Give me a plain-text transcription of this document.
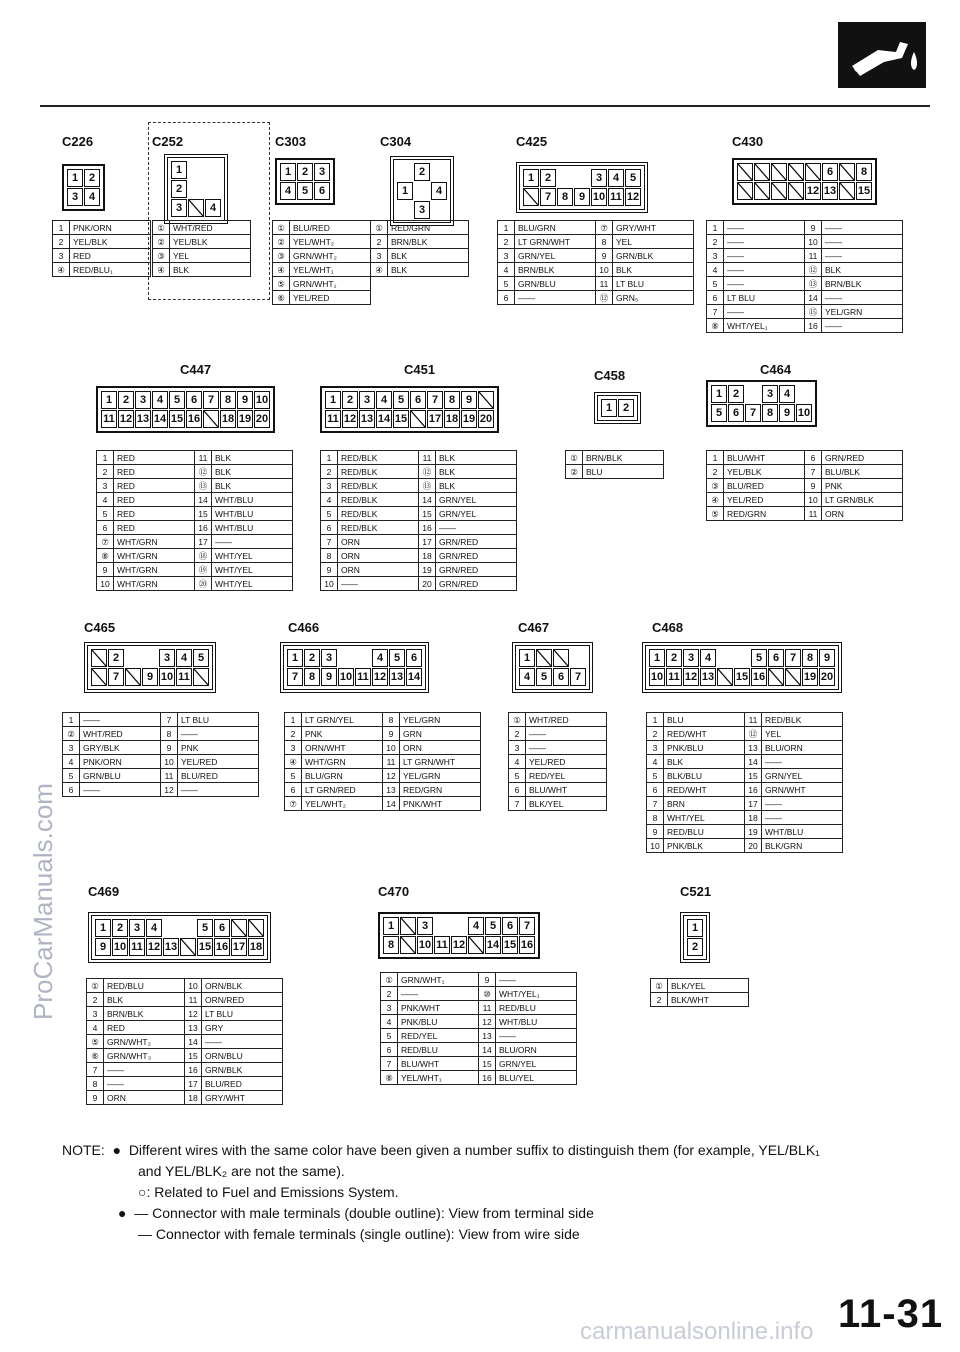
ProCarManuals.com
C226
1 2
3 4
1	PNK/ORN
2	YEL/BLK
3	RED
④	RED/BLU₁
C252
1
2
3	4
①	WHT/RED
②	YEL/BLK
③	YEL
④	BLK
C303
1 2 3
4 5 6
①	BLU/RED
②	YEL/WHT₂
③	GRN/WHT₂
④	YEL/WHT₁
⑤	GRN/WHT₁
⑥	YEL/RED
C304
2
1	4
3
①	RED/GRN
2	BRN/BLK
3	BLK
④	BLK
C425
1 2	3 4 5
7 8 9 10 11 12
1	BLU/GRN	⑦	GRY/WHT
2	LT GRN/WHT	8	YEL
3	GRN/YEL	9	GRN/BLK
4	BRN/BLK	10	BLK
5	GRN/BLU	11	LT BLU
6	——	⑫	GRN₅
C430
6	8
12 13 15
1	——	9	——
2	——	10	——
3	——	11	——
4	——	⑫	BLK
5	——	⑬	BRN/BLK
6	LT BLU	14	——
7	——	⑮	YEL/GRN
⑧	WHT/YEL₁	16	——
C447
1 2 3 4 5 6 7 8 9 10
11 12 13 14 15 16 18 19 20
1	RED	11	BLK
2	RED	⑫	BLK
3	RED	⑬	BLK
4	RED	14	WHT/BLU
5	RED	15	WHT/BLU
6	RED	16	WHT/BLU
⑦	WHT/GRN	17	——
⑧	WHT/GRN	⑱	WHT/YEL
9	WHT/GRN	⑲	WHT/YEL
10	WHT/GRN	⑳	WHT/YEL
C451
1 2 3 4 5 6 7 8 9
11 12 13 14 15 17 18 19 20
1	RED/BLK	11	BLK
2	RED/BLK	⑫	BLK
3	RED/BLK	⑬	BLK
4	RED/BLK	14	GRN/YEL
5	RED/BLK	15	GRN/YEL
6	RED/BLK	16	——
7	ORN	17	GRN/RED
8	ORN	18	GRN/RED
9	ORN	19	GRN/RED
10	——	20	GRN/RED
C458
1 2
①	BRN/BLK
②	BLU
C464
1 2	3 4
5 6 7 8 9 10
1	BLU/WHT	6	GRN/RED
2	YEL/BLK	7	BLU/BLK
③	BLU/RED	9	PNK
④	YEL/RED	10	LT GRN/BLK
⑤	RED/GRN	11	ORN
C465
2	3 4 5
7	9 10 11
1	——	7	LT BLU
②	WHT/RED	8	——
3	GRY/BLK	9	PNK
4	PNK/ORN	10	YEL/RED
5	GRN/BLU	11	BLU/RED
6	——	12	——
C466
1 2 3	4 5 6
7 8 9 10 11 12 13 14
1	LT GRN/YEL	8	YEL/GRN
2	PNK	9	GRN
3	ORN/WHT	10	ORN
④	WHT/GRN	11	LT GRN/WHT
5	BLU/GRN	12	YEL/GRN
6	LT GRN/RED	13	RED/GRN
⑦	YEL/WHT₂	14	PNK/WHT
C467
1
4 5 6 7
①	WHT/RED
2	——
3	——
4	YEL/RED
5	RED/YEL
6	BLU/WHT
7	BLK/YEL
C468
1 2 3 4	5 6 7 8 9
10 11 12 13 15 16	19 20
1	BLU	11	RED/BLK
2	RED/WHT	⑫	YEL
3	PNK/BLU	13	BLU/ORN
4	BLK	14	——
5	BLK/BLU	15	GRN/YEL
6	RED/WHT	16	GRN/WHT
7	BRN	17	——
8	WHT/YEL	18	——
9	RED/BLU	19	WHT/BLU
10	PNK/BLK	20	BLK/GRN
C469
1 2 3 4	5 6
9 10 11 12 13 15 16 17 18
①	RED/BLU	10	ORN/BLK
2	BLK	11	ORN/RED
3	BRN/BLK	12	LT BLU
4	RED	13	GRY
⑤	GRN/WHT₂	14	——
⑥	GRN/WHT₃	15	ORN/BLU
7	——	16	GRN/BLK
8	——	17	BLU/RED
9	ORN	18	GRY/WHT
C470
1	3	4 5 6 7
8	10 11 12 14 15 16
①	GRN/WHT₁	9	——
2	——	⑩	WHT/YEL₁
3	PNK/WHT	11	RED/BLU
4	PNK/BLU	12	WHT/BLU
5	RED/YEL	13	——
6	RED/BLU	14	BLU/ORN
7	BLU/WHT	15	GRN/YEL
⑧	YEL/WHT₁	16	BLU/YEL
C521
1
2
①	BLK/YEL
2	BLK/WHT
NOTE: ● Different wires with the same color have been given a number suffix to distinguish them (for example, YEL/BLK₁
and YEL/BLK₂ are not the same).
○: Related to Fuel and Emissions System.
● — Connector with male terminals (double outline): View from terminal side
— Connector with female terminals (single outline): View from wire side
11-31
carmanualsonline.info
